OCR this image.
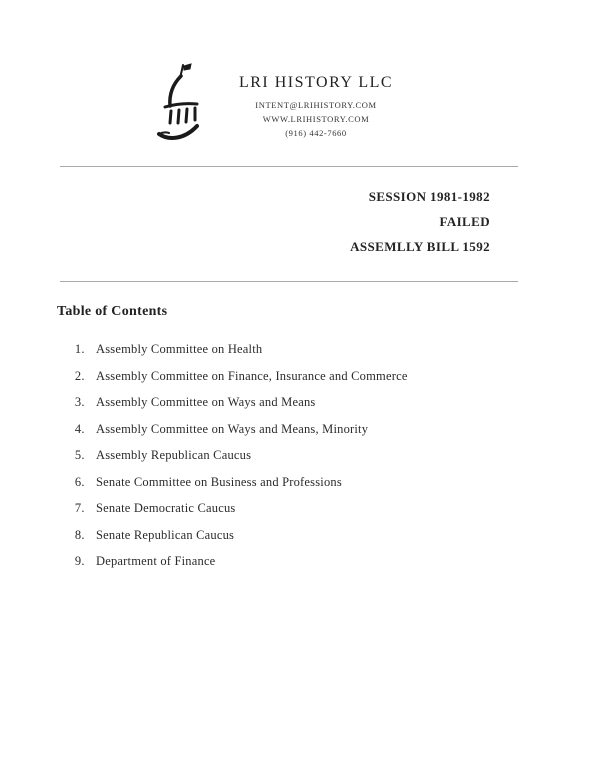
LRI HISTORY LLC
INTENT@LRIHISTORY.COM
WWW.LRIHISTORY.COM
(916) 442-7660
SESSION 1981-1982
FAILED
ASSEMLLY BILL 1592
Table of Contents
1. Assembly Committee on Health
2. Assembly Committee on Finance, Insurance and Commerce
3. Assembly Committee on Ways and Means
4. Assembly Committee on Ways and Means, Minority
5. Assembly Republican Caucus
6. Senate Committee on Business and Professions
7. Senate Democratic Caucus
8. Senate Republican Caucus
9. Department of Finance
